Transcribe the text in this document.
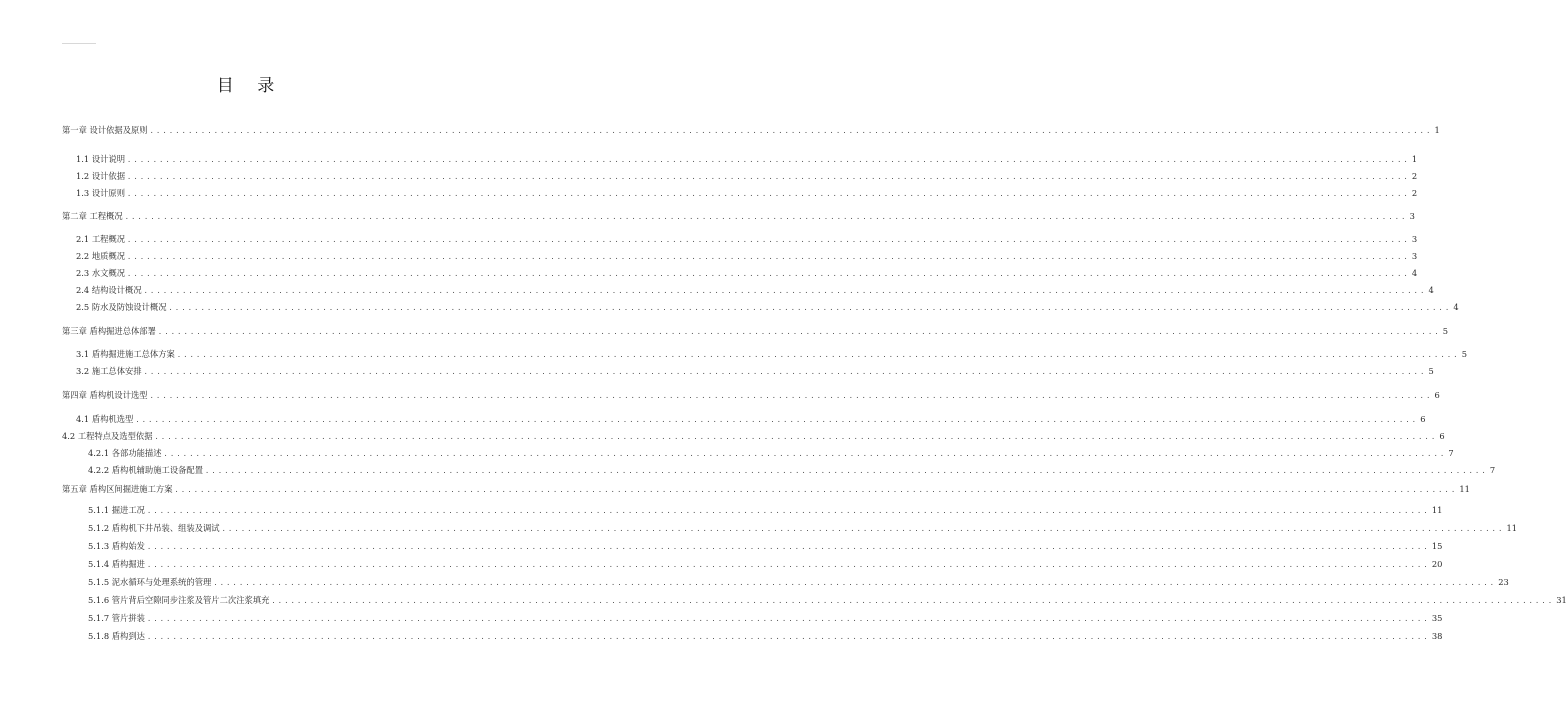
目 录
第一章 设计依据及原则 ........................................................................................................................................................................................................ 1
1.1 设计说明 ........................................................................................................................................................................................................ 1
1.2 设计依据 ........................................................................................................................................................................................................ 2
1.3 设计原则 ........................................................................................................................................................................................................ 2
第二章 工程概况 ........................................................................................................................................................................................................ 3
2.1 工程概况 ........................................................................................................................................................................................................ 3
2.2 地质概况 ........................................................................................................................................................................................................ 3
2.3 水文概况 ........................................................................................................................................................................................................ 4
2.4 结构设计概况 ........................................................................................................................................................................................................ 4
2.5 防水及防蚀设计概况 ........................................................................................................................................................................................................ 4
第三章 盾构掘进总体部署 ........................................................................................................................................................................................................ 5
3.1 盾构掘进施工总体方案 ........................................................................................................................................................................................................ 5
3.2 施工总体安排 ........................................................................................................................................................................................................ 5
第四章 盾构机设计选型 ........................................................................................................................................................................................................ 6
4.1 盾构机选型 ........................................................................................................................................................................................................ 6
4.2 工程特点及选型依据 ........................................................................................................................................................................................................ 6
4.2.1 各部功能描述 ........................................................................................................................................................................................................ 7
4.2.2 盾构机辅助施工设备配置 ........................................................................................................................................................................................................ 7
第五章 盾构区间掘进施工方案 ........................................................................................................................................................................................................ 11
5.1.1 掘进工况 ........................................................................................................................................................................................................ 11
5.1.2 盾构机下井吊装、组装及调试 ........................................................................................................................................................................................................ 11
5.1.3 盾构始发 ........................................................................................................................................................................................................ 15
5.1.4 盾构掘进 ........................................................................................................................................................................................................ 20
5.1.5 泥水循环与处理系统的管理 ........................................................................................................................................................................................................ 23
5.1.6 管片背后空隙同步注浆及管片二次注浆填充 ........................................................................................................................................................................................................ 31
5.1.7 管片拼装 ........................................................................................................................................................................................................ 35
5.1.8 盾构到达 ........................................................................................................................................................................................................ 38
